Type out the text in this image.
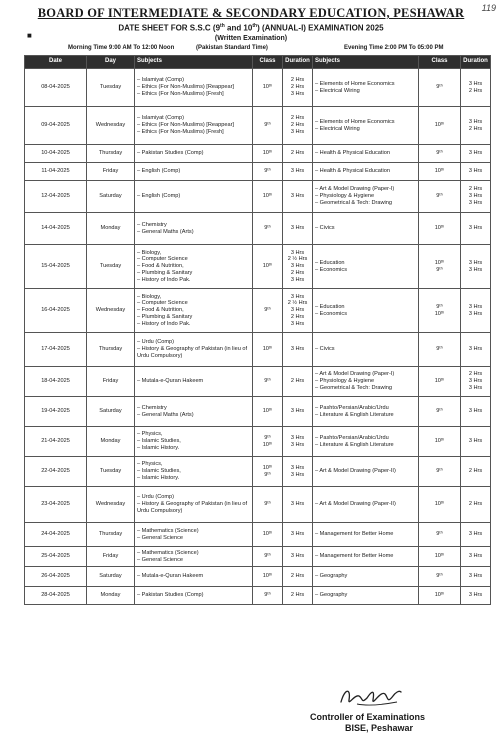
119
BOARD OF INTERMEDIATE & SECONDARY EDUCATION, PESHAWAR
DATE SHEET FOR S.S.C (9th and 10th) (ANNUAL-I) EXAMINATION 2025
■	(Written Examination)
Morning Time 9:00 AM To 12:00 Noon	(Pakistan Standard Time)	Evening Time 2:00 PM To 05:00 PM
Date	Day	Subjects	Class	Duration	Subjects	Class	Duration
08-04-2025	Tuesday	– Islamiyat (Comp)
– Ethics (For Non-Muslims) [Reappear]
– Ethics (For Non-Muslims) [Fresh]	10ᵗʰ	2 Hrs
2 Hrs
3 Hrs	– Elements of Home Economics
– Electrical Wiring	9ᵗʰ	3 Hrs
2 Hrs

09-04-2025	Wednesday	– Islamiyat (Comp)
– Ethics (For Non-Muslims) [Reappear]
– Ethics (For Non-Muslims) [Fresh]	9ᵗʰ	2 Hrs
2 Hrs
3 Hrs	– Elements of Home Economics
– Electrical Wiring	10ᵗʰ	3 Hrs
2 Hrs

10-04-2025	Thursday	– Pakistan Studies (Comp)	10ᵗʰ	2 Hrs	– Health & Physical Education	9ᵗʰ	3 Hrs

11-04-2025	Friday	– English (Comp)	9ᵗʰ	3 Hrs	– Health & Physical Education	10ᵗʰ	3 Hrs

12-04-2025	Saturday	– English (Comp)	10ᵗʰ	3 Hrs	– Art & Model Drawing (Paper-I)
– Physiology & Hygiene
– Geometrical & Tech: Drawing	9ᵗʰ	2 Hrs
3 Hrs
3 Hrs

14-04-2025	Monday	– Chemistry
– General Maths (Arts)	9ᵗʰ	3 Hrs	– Civics	10ᵗʰ	3 Hrs

15-04-2025	Tuesday	– Biology,
– Computer Science
– Food & Nutrition,
– Plumbing & Sanitary
– History of Indo Pak.	10ᵗʰ	3 Hrs
2 ½ Hrs
3 Hrs
2 Hrs
3 Hrs	– Education
– Economics	10ᵗʰ
9ᵗʰ	3 Hrs
3 Hrs

16-04-2025	Wednesday	– Biology,
– Computer Science
– Food & Nutrition,
– Plumbing & Sanitary
– History of Indo Pak.	9ᵗʰ	3 Hrs
2 ½ Hrs
3 Hrs
2 Hrs
3 Hrs	– Education
– Economics	9ᵗʰ
10ᵗʰ	3 Hrs
3 Hrs

17-04-2025	Thursday	– Urdu (Comp)
– History & Geography of Pakistan (in lieu of Urdu Compulsory)	10ᵗʰ	3 Hrs	– Civics	9ᵗʰ	3 Hrs

18-04-2025	Friday	– Mutala-e-Quran Hakeem	9ᵗʰ	2 Hrs	– Art & Model Drawing (Paper-I)
– Physiology & Hygiene
– Geometrical & Tech: Drawing	10ᵗʰ	2 Hrs
3 Hrs
3 Hrs

19-04-2025	Saturday	– Chemistry
– General Maths (Arts)	10ᵗʰ	3 Hrs	– Pashto/Persian/Arabic/Urdu
– Literature & English Literature	9ᵗʰ	3 Hrs

21-04-2025	Monday	– Physics,
– Islamic Studies,
– Islamic History.	9ᵗʰ
10ᵗʰ	3 Hrs
3 Hrs	– Pashto/Persian/Arabic/Urdu
– Literature & English Literature	10ᵗʰ	3 Hrs

22-04-2025	Tuesday	– Physics,
– Islamic Studies,
– Islamic History.	10ᵗʰ
9ᵗʰ	3 Hrs
3 Hrs	– Art & Model Drawing (Paper-II)	9ᵗʰ	2 Hrs

23-04-2025	Wednesday	– Urdu (Comp)
– History & Geography of Pakistan (in lieu of Urdu Compulsory)	9ᵗʰ	3 Hrs	– Art & Model Drawing (Paper-II)	10ᵗʰ	2 Hrs

24-04-2025	Thursday	– Mathematics (Science)
– General Science	10ᵗʰ	3 Hrs	– Management for Better Home	9ᵗʰ	3 Hrs

25-04-2025	Friday	– Mathematics (Science)
– General Science	9ᵗʰ	3 Hrs	– Management for Better Home	10ᵗʰ	3 Hrs

26-04-2025	Saturday	– Mutala-e-Quran Hakeem	10ᵗʰ	2 Hrs	– Geography	9ᵗʰ	3 Hrs

28-04-2025	Monday	– Pakistan Studies (Comp)	9ᵗʰ	2 Hrs	– Geography	10ᵗʰ	3 Hrs
Controller of Examinations
BISE, Peshawar
